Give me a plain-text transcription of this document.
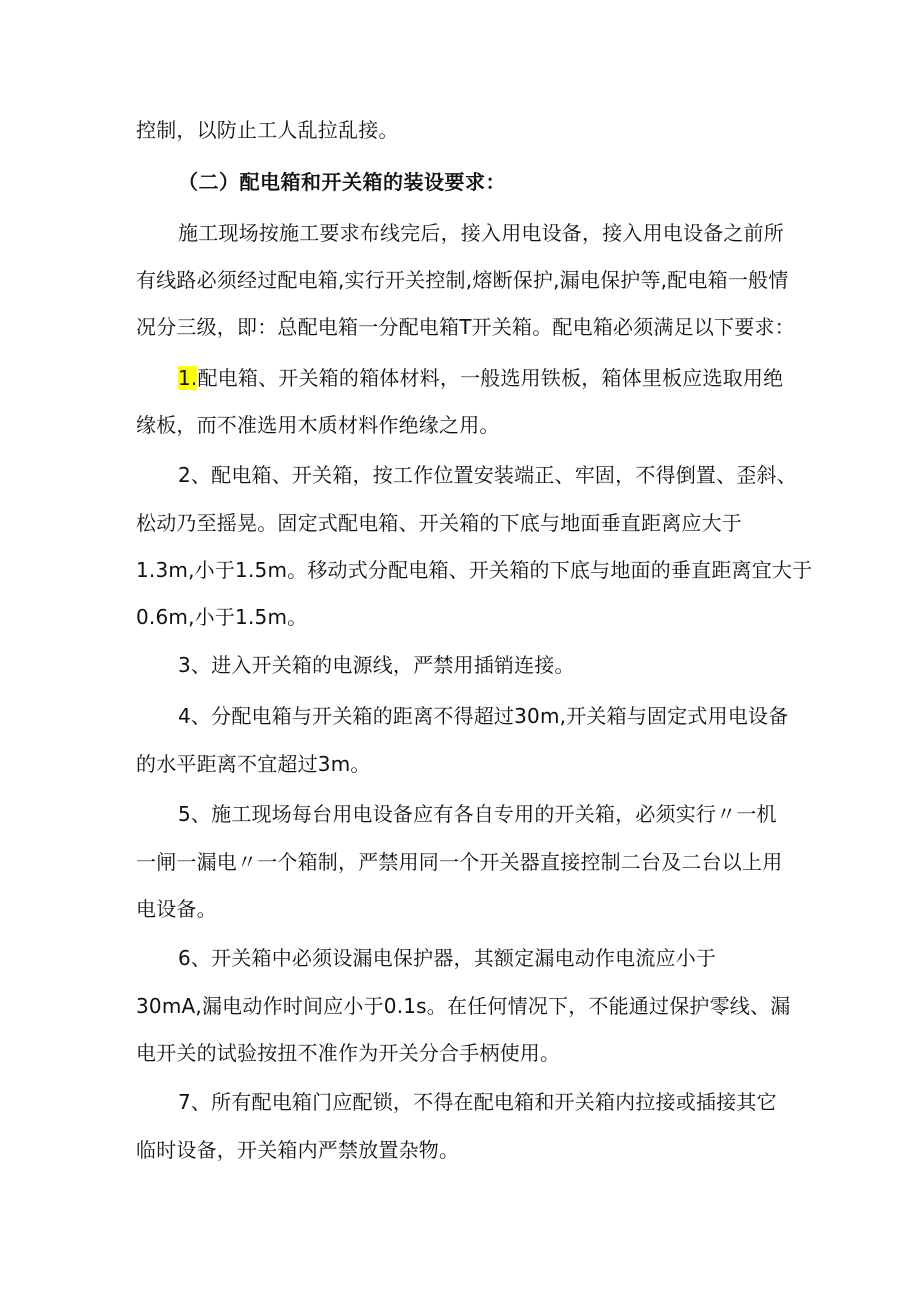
控制，以防止工人乱拉乱接。
（二）配电箱和开关箱的装设要求：
施工现场按施工要求布线完后，接入用电设备，接入用电设备之前所
有线路必须经过配电箱,实行开关控制,熔断保护,漏电保护等,配电箱一般情
况分三级，即：总配电箱一分配电箱T开关箱。配电箱必须满足以下要求：
1.配电箱、开关箱的箱体材料，一般选用铁板，箱体里板应选取用绝
缘板，而不准选用木质材料作绝缘之用。
2、配电箱、开关箱，按工作位置安装端正、牢固，不得倒置、歪斜、
松动乃至摇晃。固定式配电箱、开关箱的下底与地面垂直距离应大于
1.3m,小于1.5m。移动式分配电箱、开关箱的下底与地面的垂直距离宜大于
0.6m,小于1.5m。
3、进入开关箱的电源线，严禁用插销连接。
4、分配电箱与开关箱的距离不得超过30m,开关箱与固定式用电设备
的水平距离不宜超过3m。
5、施工现场每台用电设备应有各自专用的开关箱，必须实行〃一机
一闸一漏电〃一个箱制，严禁用同一个开关器直接控制二台及二台以上用
电设备。
6、开关箱中必须设漏电保护器，其额定漏电动作电流应小于
30mA,漏电动作时间应小于0.1s。在任何情况下，不能通过保护零线、漏
电开关的试验按扭不准作为开关分合手柄使用。
7、所有配电箱门应配锁，不得在配电箱和开关箱内拉接或插接其它
临时设备，开关箱内严禁放置杂物。
